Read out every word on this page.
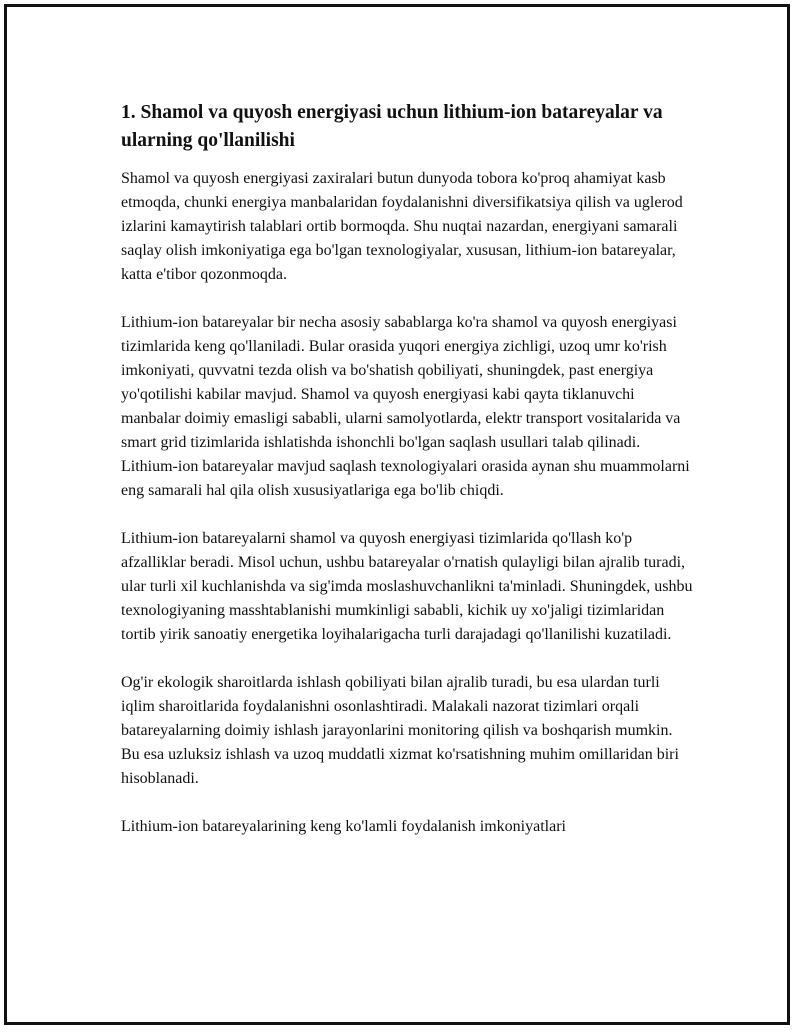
1. Shamol va quyosh energiyasi uchun lithium-ion batareyalar va ularning qo'llanilishi

Shamol va quyosh energiyasi zaxiralari butun dunyoda tobora ko'proq ahamiyat kasb etmoqda, chunki energiya manbalaridan foydalanishni diversifikatsiya qilish va uglerod izlarini kamaytirish talablari ortib bormoqda. Shu nuqtai nazardan, energiyani samarali saqlay olish imkoniyatiga ega bo'lgan texnologiyalar, xususan, lithium-ion batareyalar, katta e'tibor qozonmoqda.

Lithium-ion batareyalar bir necha asosiy sabablarga ko'ra shamol va quyosh energiyasi tizimlarida keng qo'llaniladi. Bular orasida yuqori energiya zichligi, uzoq umr ko'rish imkoniyati, quvvatni tezda olish va bo'shatish qobiliyati, shuningdek, past energiya yo'qotilishi kabilar mavjud. Shamol va quyosh energiyasi kabi qayta tiklanuvchi manbalar doimiy emasligi sababli, ularni samolyotlarda, elektr transport vositalarida va smart grid tizimlarida ishlatishda ishonchli bo'lgan saqlash usullari talab qilinadi. Lithium-ion batareyalar mavjud saqlash texnologiyalari orasida aynan shu muammolarni eng samarali hal qila olish xususiyatlariga ega bo'lib chiqdi.

Lithium-ion batareyalarni shamol va quyosh energiyasi tizimlarida qo'llash ko'p afzalliklar beradi. Misol uchun, ushbu batareyalar o'rnatish qulayligi bilan ajralib turadi, ular turli xil kuchlanishda va sig'imda moslashuvchanlikni ta'minladi. Shuningdek, ushbu texnologiyaning masshtablanishi mumkinligi sababli, kichik uy xo'jaligi tizimlaridan tortib yirik sanoatiy energetika loyihalarigacha turli darajadagi qo'llanilishi kuzatiladi.

Og'ir ekologik sharoitlarda ishlash qobiliyati bilan ajralib turadi, bu esa ulardan turli iqlim sharoitlarida foydalanishni osonlashtiradi. Malakali nazorat tizimlari orqali batareyalarning doimiy ishlash jarayonlarini monitoring qilish va boshqarish mumkin. Bu esa uzluksiz ishlash va uzoq muddatli xizmat ko'rsatishning muhim omillaridan biri hisoblanadi.

Lithium-ion batareyalarining keng ko'lamli foydalanish imkoniyatlari
